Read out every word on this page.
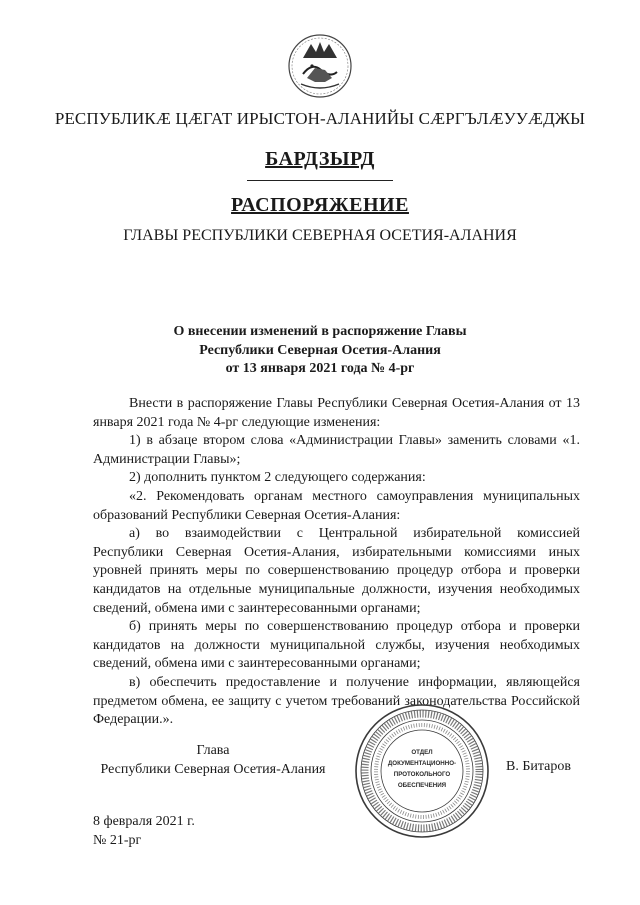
РЕСПУБЛИКӔ ЦӔГАТ ИРЫСТОН-АЛАНИЙЫ СӔРГЪЛӔУУӔДЖЫ
БАРДЗЫРД
РАСПОРЯЖЕНИЕ
ГЛАВЫ РЕСПУБЛИКИ СЕВЕРНАЯ ОСЕТИЯ-АЛАНИЯ
О внесении изменений в распоряжение Главы
Республики Северная Осетия-Алания
от 13 января 2021 года № 4-рг

Внести в распоряжение Главы Республики Северная Осетия-Алания от 13 января 2021 года № 4-рг следующие изменения:

1) в абзаце втором слова «Администрации Главы» заменить словами «1. Администрации Главы»;

2) дополнить пунктом 2 следующего содержания:

«2. Рекомендовать органам местного самоуправления муниципальных образований Республики Северная Осетия-Алания:

а) во взаимодействии с Центральной избирательной комиссией Республики Северная Осетия-Алания, избирательными комиссиями иных уровней принять меры по совершенствованию процедур отбора и проверки кандидатов на отдельные муниципальные должности, изучения необходимых сведений, обмена ими с заинтересованными органами;

б) принять меры по совершенствованию процедур отбора и проверки кандидатов на должности муниципальной службы, изучения необходимых сведений, обмена ими с заинтересованными органами;

в) обеспечить предоставление и получение информации, являющейся предметом обмена, ее защиту с учетом требований законодательства Российской Федерации.».

Глава
Республики Северная Осетия-Алания
ОТДЕЛ
ДОКУМЕНТАЦИОННО-
ПРОТОКОЛЬНОГО
ОБЕСПЕЧЕНИЯ
В. Битаров
8 февраля 2021 г.
№ 21-рг
